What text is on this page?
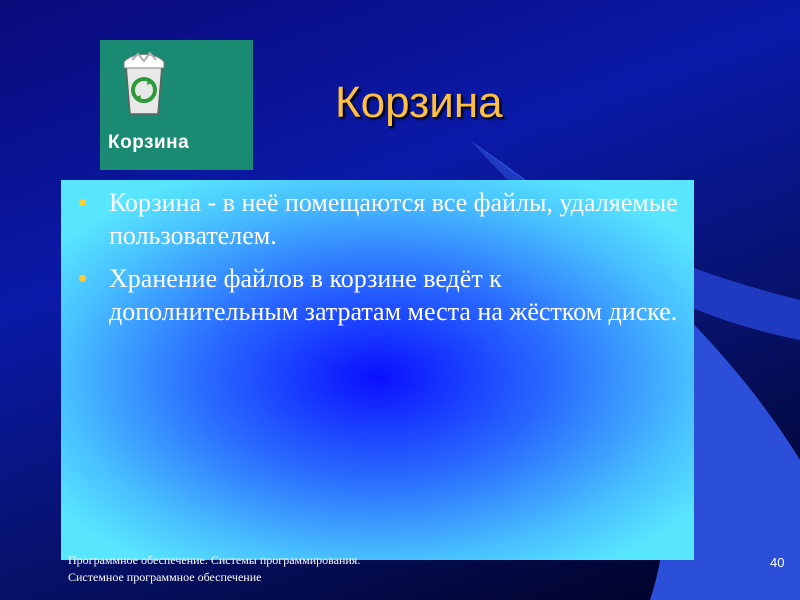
Корзина
Корзина
Корзина - в неё помещаются все файлы, удаляемые пользователем.
Хранение файлов в корзине ведёт к дополнительным затратам места на жёстком диске.
Программное обеспечение. Системы программирования. Системное программное обеспечение
40
